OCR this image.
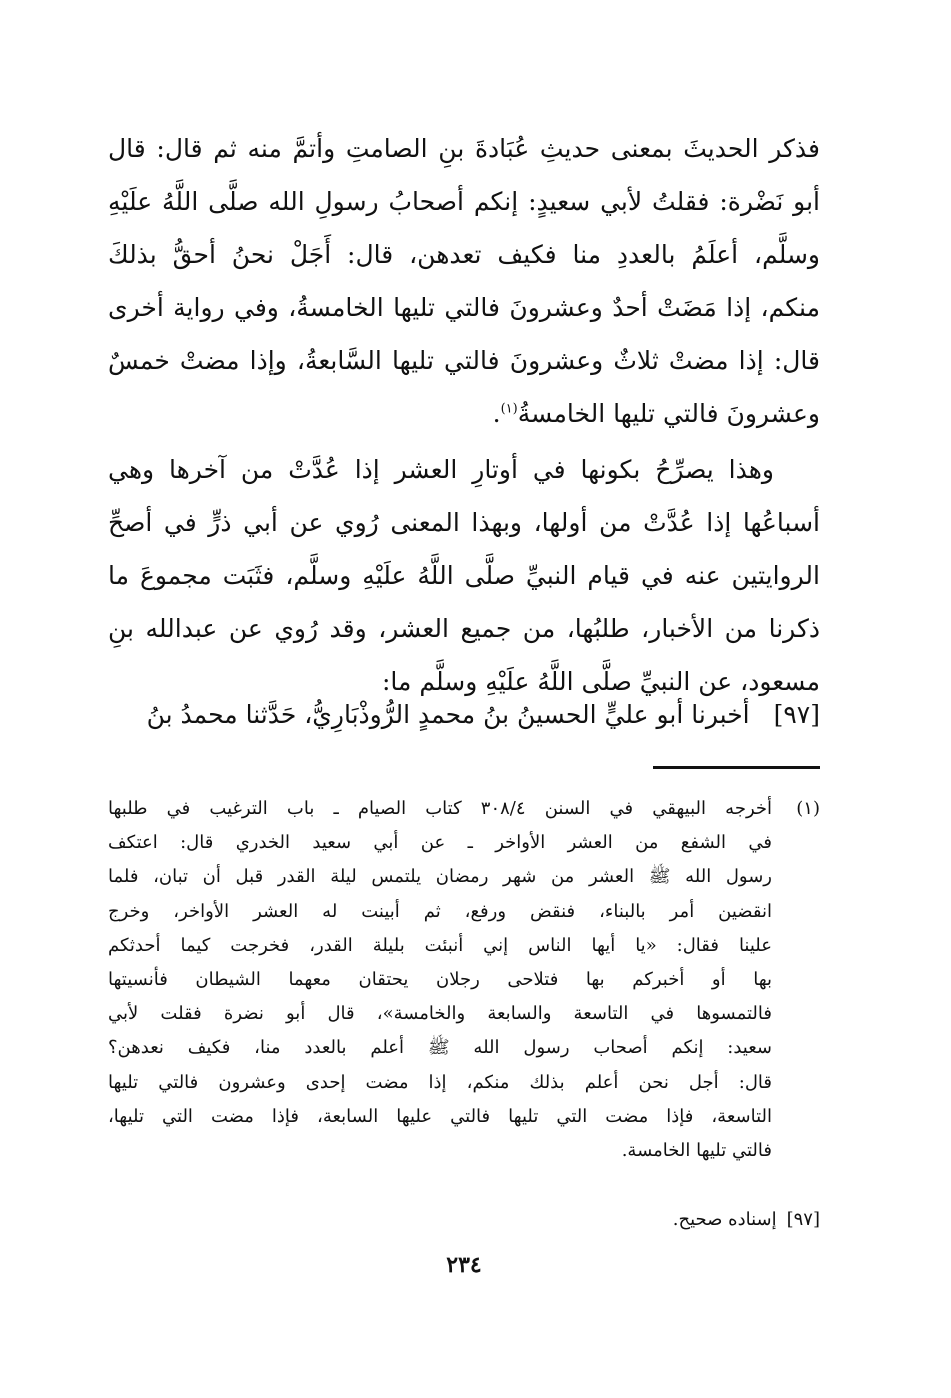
فذكر الحديثَ بمعنى حديثِ عُبَادةَ بنِ الصامتِ وأتمَّ منه ثم قال: قال
أبو نَضْرة: فقلتُ لأبي سعيدٍ: إنكم أصحابُ رسولِ الله صلَّى اللَّهُ علَيْهِ
وسلَّم، أعلَمُ بالعددِ منا فكيف تعدهن، قال: أَجَلْ نحنُ أحقُّ بذلكَ
منكم، إذا مَضَتْ أحدٌ وعشرونَ فالتي تليها الخامسةُ، وفي رواية أخرى
قال: إذا مضتْ ثلاثٌ وعشرونَ فالتي تليها السَّابعةُ، وإذا مضتْ خمسٌ
وعشرونَ فالتي تليها الخامسةُ$^{(١)}$.
وهذا يصرِّحُ بكونها في أوتارِ العشر إذا عُدَّتْ من آخرها وهي
أسباعُها إذا عُدَّتْ من أولها، وبهذا المعنى رُوي عن أبي ذرٍّ في أصحِّ
الروايتين عنه في قيام النبيِّ صلَّى اللَّهُ علَيْهِ وسلَّم، فثَبَت مجموعَ ما
ذكرنا من الأخبار، طلبُها، من جميع العشر، وقد رُوي عن عبدالله بنِ
مسعود، عن النبيِّ صلَّى اللَّهُ علَيْهِ وسلَّم ما:
[٩٧]أخبرنا أبو عليٍّ الحسينُ بنُ محمدٍ الرُّوذْبَارِيُّ، حَدَّثنا محمدُ بنُ
(١)
أخرجه البيهقي في السنن ٣٠٨/٤ كتاب الصيام ـ باب الترغيب في طلبها
في الشفع من العشر الأواخر ـ عن أبي سعيد الخدري قال: اعتكف
رسول الله ﷺ العشر من شهر رمضان يلتمس ليلة القدر قبل أن تبان، فلما
انقضين أمر بالبناء، فنقض ورفع، ثم أبينت له العشر الأواخر، وخرج
علينا فقال: «يا أيها الناس إني أنبئت بليلة القدر، فخرجت كيما أحدثكم
بها أو أخبركم بها فتلاحى رجلان يحتقان معهما الشيطان فأنسيتها
فالتمسوها في التاسعة والسابعة والخامسة»، قال أبو نضرة فقلت لأبي
سعيد: إنكم أصحاب رسول الله ﷺ أعلم بالعدد منا، فكيف نعدهن؟
قال: أجل نحن أعلم بذلك منكم، إذا مضت إحدى وعشرون فالتي تليها
التاسعة، فإذا مضت التي تليها فالتي عليها السابعة، فإذا مضت التي تليها،
فالتي تليها الخامسة.
[٩٧]إسناده صحيح.
٢٣٤
